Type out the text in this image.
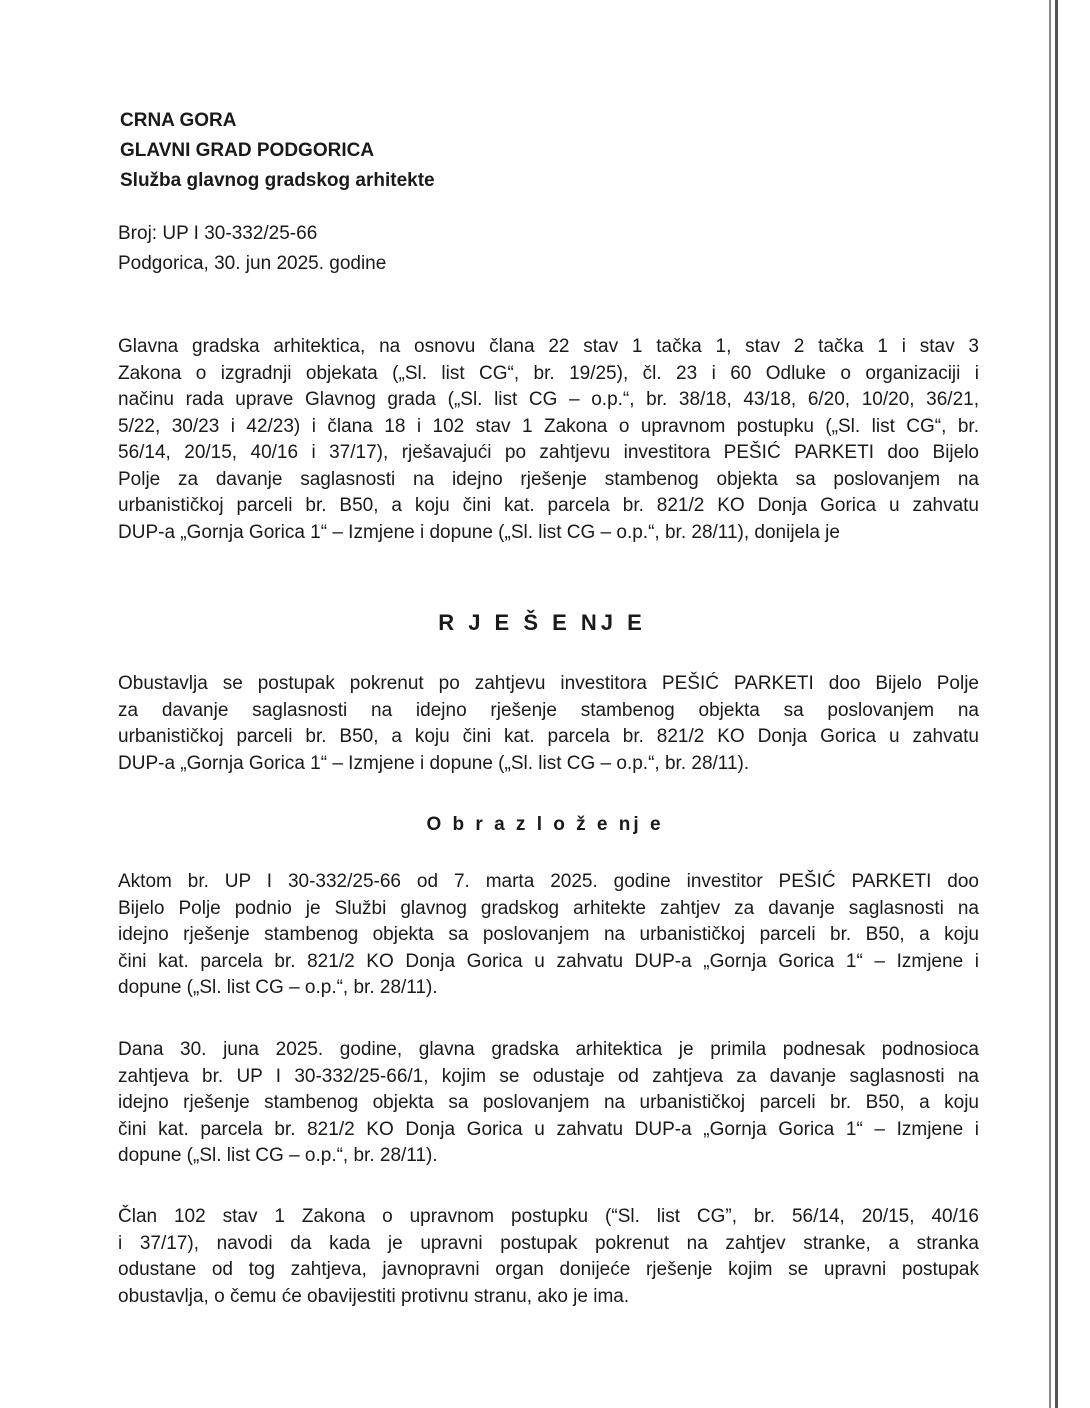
CRNA GORA
GLAVNI GRAD PODGORICA
Služba glavnog gradskog arhitekte
Broj: UP I 30-332/25-66
Podgorica, 30. jun 2025. godine
Glavna gradska arhitektica, na osnovu člana 22 stav 1 tačka 1, stav 2 tačka 1 i stav 3
Zakona o izgradnji objekata („Sl. list CG“, br. 19/25), čl. 23 i 60 Odluke o organizaciji i
načinu rada uprave Glavnog grada („Sl. list CG – o.p.“, br. 38/18, 43/18, 6/20, 10/20, 36/21,
5/22, 30/23 i 42/23) i člana 18 i 102 stav 1 Zakona o upravnom postupku („Sl. list CG“, br.
56/14, 20/15, 40/16 i 37/17), rješavajući po zahtjevu investitora PEŠIĆ PARKETI doo Bijelo
Polje za davanje saglasnosti na idejno rješenje stambenog objekta sa poslovanjem na
urbanističkoj parceli br. B50, a koju čini kat. parcela br. 821/2 KO Donja Gorica u zahvatu
DUP-a „Gornja Gorica 1“ – Izmjene i dopune („Sl. list CG – o.p.“, br. 28/11), donijela je
R J E Š E NJ E
Obustavlja se postupak pokrenut po zahtjevu investitora PEŠIĆ PARKETI doo Bijelo Polje
za davanje saglasnosti na idejno rješenje stambenog objekta sa poslovanjem na
urbanističkoj parceli br. B50, a koju čini kat. parcela br. 821/2 KO Donja Gorica u zahvatu
DUP-a „Gornja Gorica 1“ – Izmjene i dopune („Sl. list CG – o.p.“, br. 28/11).
O b r a z l o ž e nj e
Aktom br. UP I 30-332/25-66 od 7. marta 2025. godine investitor PEŠIĆ PARKETI doo
Bijelo Polje podnio je Službi glavnog gradskog arhitekte zahtjev za davanje saglasnosti na
idejno rješenje stambenog objekta sa poslovanjem na urbanističkoj parceli br. B50, a koju
čini kat. parcela br. 821/2 KO Donja Gorica u zahvatu DUP-a „Gornja Gorica 1“ – Izmjene i
dopune („Sl. list CG – o.p.“, br. 28/11).
Dana 30. juna 2025. godine, glavna gradska arhitektica je primila podnesak podnosioca
zahtjeva br. UP I 30-332/25-66/1, kojim se odustaje od zahtjeva za davanje saglasnosti na
idejno rješenje stambenog objekta sa poslovanjem na urbanističkoj parceli br. B50, a koju
čini kat. parcela br. 821/2 KO Donja Gorica u zahvatu DUP-a „Gornja Gorica 1“ – Izmjene i
dopune („Sl. list CG – o.p.“, br. 28/11).
Član 102 stav 1 Zakona o upravnom postupku (“Sl. list CG”, br. 56/14, 20/15, 40/16
i 37/17), navodi da kada je upravni postupak pokrenut na zahtjev stranke, a stranka
odustane od tog zahtjeva, javnopravni organ donijeće rješenje kojim se upravni postupak
obustavlja, o čemu će obavijestiti protivnu stranu, ako je ima.
